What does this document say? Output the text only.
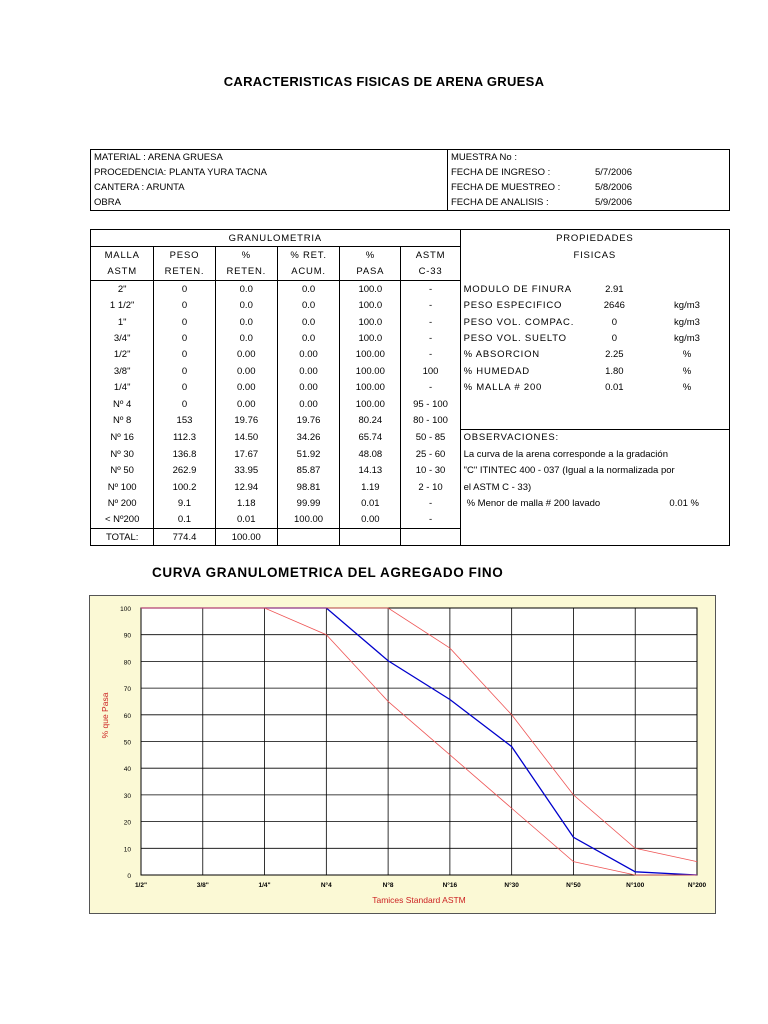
CARACTERISTICAS FISICAS DE ARENA GRUESA
MATERIAL : ARENA GRUESA	MUESTRA No :	
PROCEDENCIA: PLANTA YURA TACNA	FECHA DE INGRESO :	5/7/2006
CANTERA : ARUNTA	FECHA DE MUESTREO :	5/8/2006
OBRA	FECHA DE ANALISIS :	5/9/2006
GRANULOMETRIA						PROPIEDADES		
MALLA	PESO	%	% RET.	%	ASTM	FISICAS		
ASTM	RETEN.	RETEN.	ACUM.	PASA	C-33			
2"	0	0.0	0.0	100.0	-	MODULO DE FINURA	2.91	
1 1/2"	0	0.0	0.0	100.0	-	PESO ESPECIFICO	2646	kg/m3
1"	0	0.0	0.0	100.0	-	PESO VOL. COMPAC.	0	kg/m3
3/4"	0	0.0	0.0	100.0	-	PESO VOL. SUELTO	0	kg/m3
1/2"	0	0.00	0.00	100.00	-	% ABSORCION	2.25	%
3/8"	0	0.00	0.00	100.00	100	% HUMEDAD	1.80	%
1/4"	0	0.00	0.00	100.00	-	% MALLA # 200	0.01	%
Nº 4	0	0.00	0.00	100.00	95 - 100			
Nº 8	153	19.76	19.76	80.24	80 - 100			
Nº 16	112.3	14.50	34.26	65.74	50 - 85	OBSERVACIONES:		
Nº 30	136.8	17.67	51.92	48.08	25 - 60	La curva de la arena corresponde a la gradación		
Nº 50	262.9	33.95	85.87	14.13	10 - 30	"C" ITINTEC 400 - 037 (Igual a la normalizada por		
Nº 100	100.2	12.94	98.81	1.19	2 - 10	el ASTM C - 33)		
Nº 200	9.1	1.18	99.99	0.01	-	% Menor de malla # 200 lavado		0.01 %
< Nº200	0.1	0.01	100.00	0.00	-			
TOTAL:	774.4	100.00						
CURVA GRANULOMETRICA DEL AGREGADO FINO
0
10
20
30
40
50
60
70
80
90
100
1/2"	3/8"	1/4"	N°4	N°8	N°16	N°30	N°50	N°100	N°200
Tamices Standard ASTM
% que Pasa
